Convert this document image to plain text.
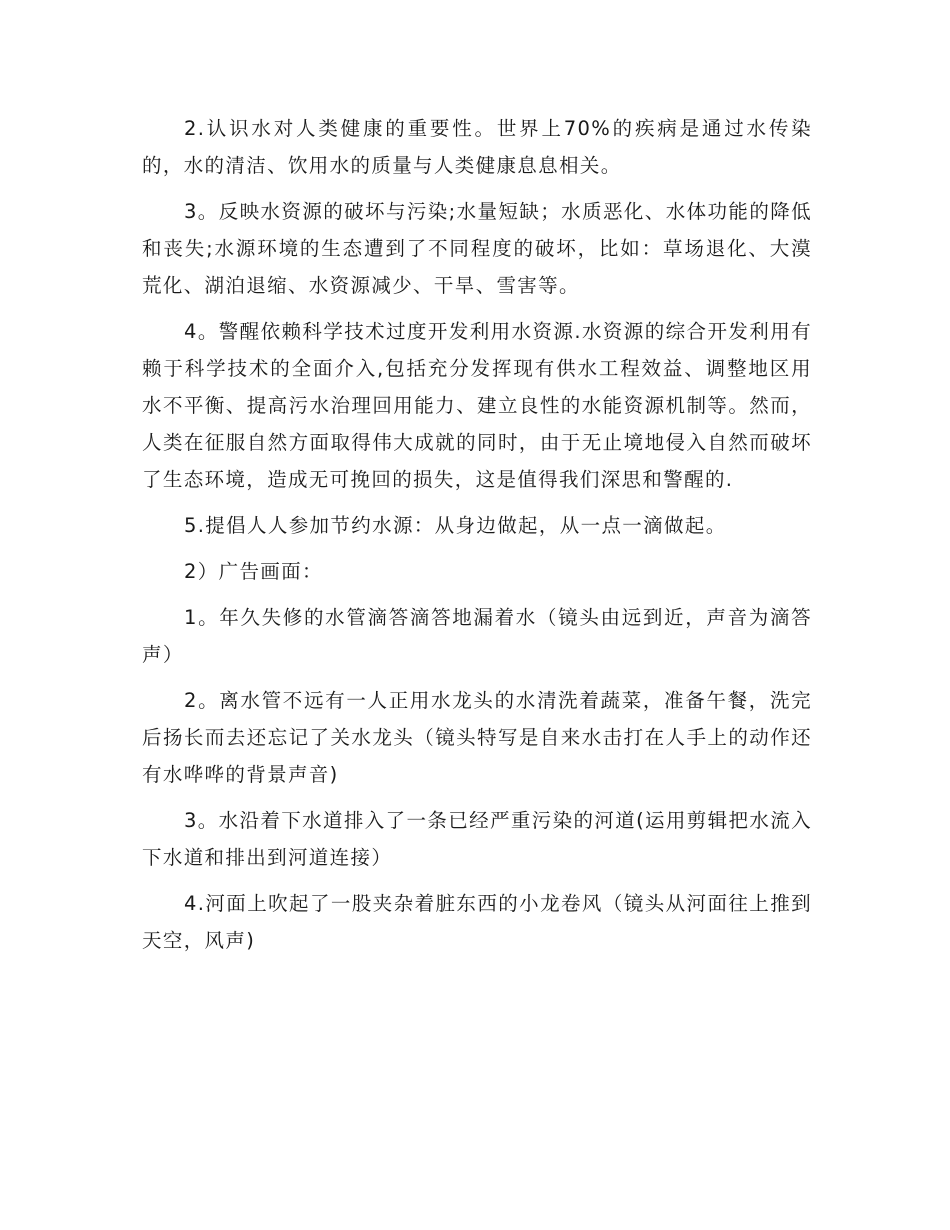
2.认识水对人类健康的重要性。世界上70%的疾病是通过水传染的，水的清洁、饮用水的质量与人类健康息息相关。

3。反映水资源的破坏与污染;水量短缺；水质恶化、水体功能的降低和丧失;水源环境的生态遭到了不同程度的破坏，比如：草场退化、大漠荒化、湖泊退缩、水资源减少、干旱、雪害等。

4。警醒依赖科学技术过度开发利用水资源.水资源的综合开发利用有赖于科学技术的全面介入,包括充分发挥现有供水工程效益、调整地区用水不平衡、提高污水治理回用能力、建立良性的水能资源机制等。然而，人类在征服自然方面取得伟大成就的同时，由于无止境地侵入自然而破坏了生态环境，造成无可挽回的损失，这是值得我们深思和警醒的.

5.提倡人人参加节约水源：从身边做起，从一点一滴做起。

2）广告画面：

1。年久失修的水管滴答滴答地漏着水（镜头由远到近，声音为滴答声）

2。离水管不远有一人正用水龙头的水清洗着蔬菜，准备午餐，洗完后扬长而去还忘记了关水龙头（镜头特写是自来水击打在人手上的动作还有水哗哗的背景声音)

3。水沿着下水道排入了一条已经严重污染的河道(运用剪辑把水流入下水道和排出到河道连接）

4.河面上吹起了一股夹杂着脏东西的小龙卷风（镜头从河面往上推到天空，风声)
